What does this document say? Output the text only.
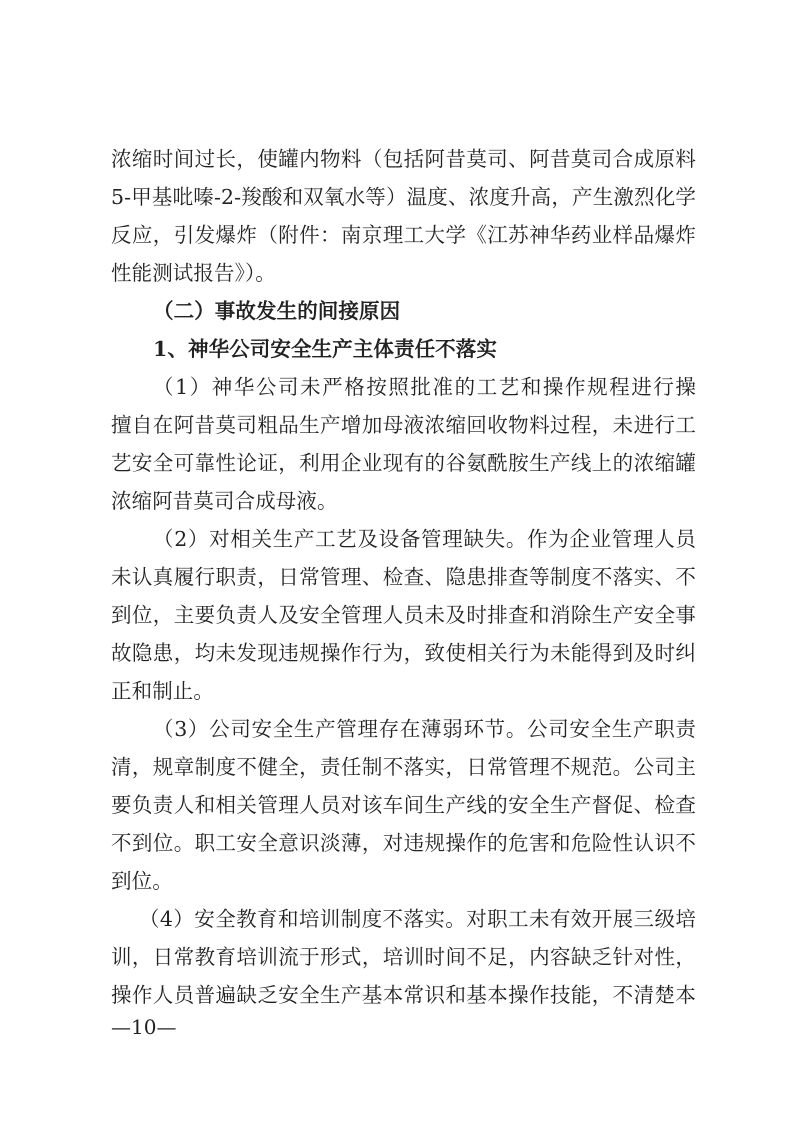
浓缩时间过长，使罐内物料（包括阿昔莫司、阿昔莫司合成原料
5-甲基吡嗪-2-羧酸和双氧水等）温度、浓度升高，产生激烈化学
反应，引发爆炸（附件：南京理工大学《江苏神华药业样品爆炸
性能测试报告》）。
（二）事故发生的间接原因
1、神华公司安全生产主体责任不落实
（1）神华公司未严格按照批准的工艺和操作规程进行操
擅自在阿昔莫司粗品生产增加母液浓缩回收物料过程，未进行工
艺安全可靠性论证，利用企业现有的谷氨酰胺生产线上的浓缩罐
浓缩阿昔莫司合成母液。
（2）对相关生产工艺及设备管理缺失。作为企业管理人员
未认真履行职责，日常管理、检查、隐患排查等制度不落实、不
到位，主要负责人及安全管理人员未及时排查和消除生产安全事
故隐患，均未发现违规操作行为，致使相关行为未能得到及时纠
正和制止。
（3）公司安全生产管理存在薄弱环节。公司安全生产职责
清，规章制度不健全，责任制不落实，日常管理不规范。公司主
要负责人和相关管理人员对该车间生产线的安全生产督促、检查
不到位。职工安全意识淡薄，对违规操作的危害和危险性认识不
到位。
（4）安全教育和培训制度不落实。对职工未有效开展三级培
训，日常教育培训流于形式，培训时间不足，内容缺乏针对性，
操作人员普遍缺乏安全生产基本常识和基本操作技能，不清楚本
—10—
